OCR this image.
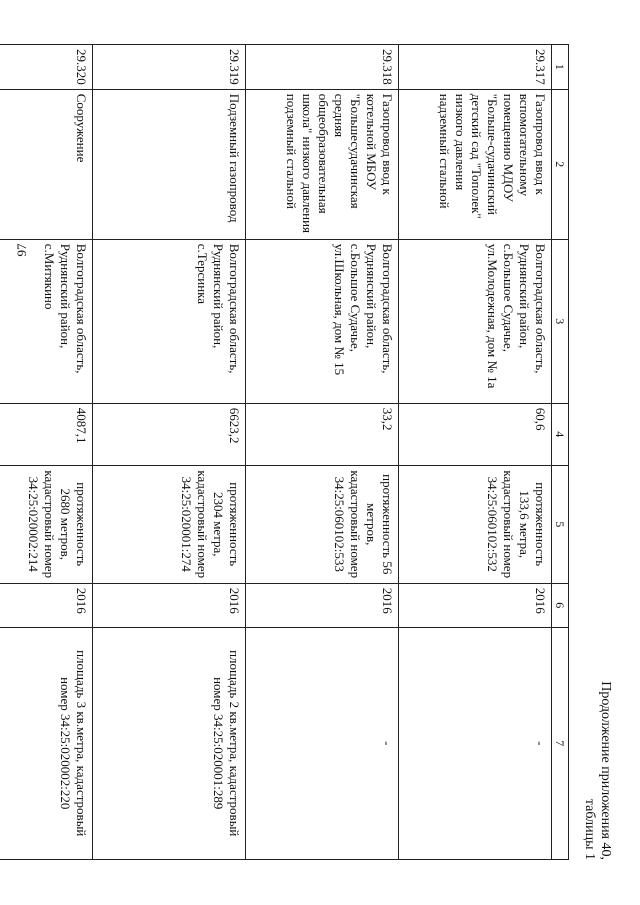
97
Продолжение приложения 40,
таблицы 1
1	2	3	4	5	6	7
29.317	Газопровод ввод к вспомогательному помещению МДОУ "Больше-судачинский детский сад "Тополек" низкого давления надземный стальной	Волгоградская область, Руднянский район, с.Большое Судачье, ул.Молодежная, дом № 1а	60,6	протяженность 133,6 метра, кадастровый номер 34:25:060102:532	2016	-
29.318	Газопровод ввод к котельной МБОУ "Большесудачинская средняя общеобразовательная школа" низкого давления подземный стальной	Волгоградская область, Руднянский район, с.Большое Судачье, ул.Школьная, дом № 15	33,2	протяженность 56 метров, кадастровый номер 34:25:060102:533	2016	-
29.319	Подземный газопровод	Волгоградская область, Руднянский район, с.Терсинка	6623,2	протяженность 2304 метра, кадастровый номер 34:25:020001:274	2016	площадь 2 кв.метра, кадастровый номер 34:25:020001:289
29.320	Сооружение	Волгоградская область, Руднянский район, с.Митякино	4087,1	протяженность 2680 метров, кадастровый номер 34:25:020002:214	2016	площадь 3 кв.метра, кадастровый номер 34:25:020002:220
